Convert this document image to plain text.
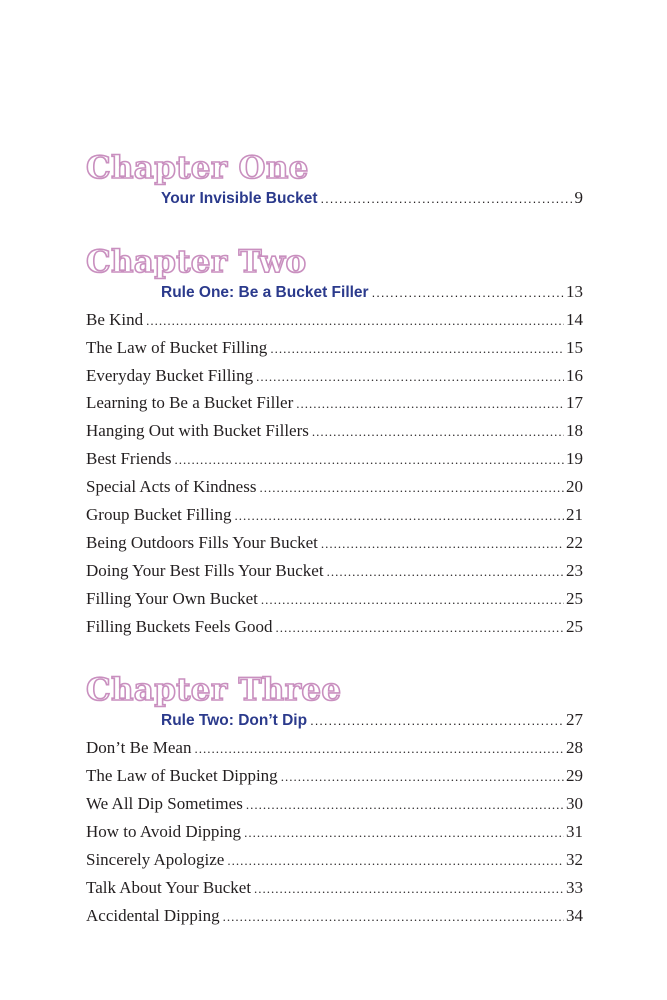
Chapter One
Your Invisible Bucket .....	9
Chapter Two
Rule One: Be a Bucket Filler .....	13
Be Kind .....	14
The Law of Bucket Filling .....	15
Everyday Bucket Filling .....	16
Learning to Be a Bucket Filler .....	17
Hanging Out with Bucket Fillers .....	18
Best Friends .....	19
Special Acts of Kindness .....	20
Group Bucket Filling .....	21
Being Outdoors Fills Your Bucket .....	22
Doing Your Best Fills Your Bucket .....	23
Filling Your Own Bucket .....	25
Filling Buckets Feels Good .....	25
Chapter Three
Rule Two: Don’t Dip .....	27
Don’t Be Mean .....	28
The Law of Bucket Dipping .....	29
We All Dip Sometimes .....	30
How to Avoid Dipping .....	31
Sincerely Apologize .....	32
Talk About Your Bucket .....	33
Accidental Dipping .....	34
